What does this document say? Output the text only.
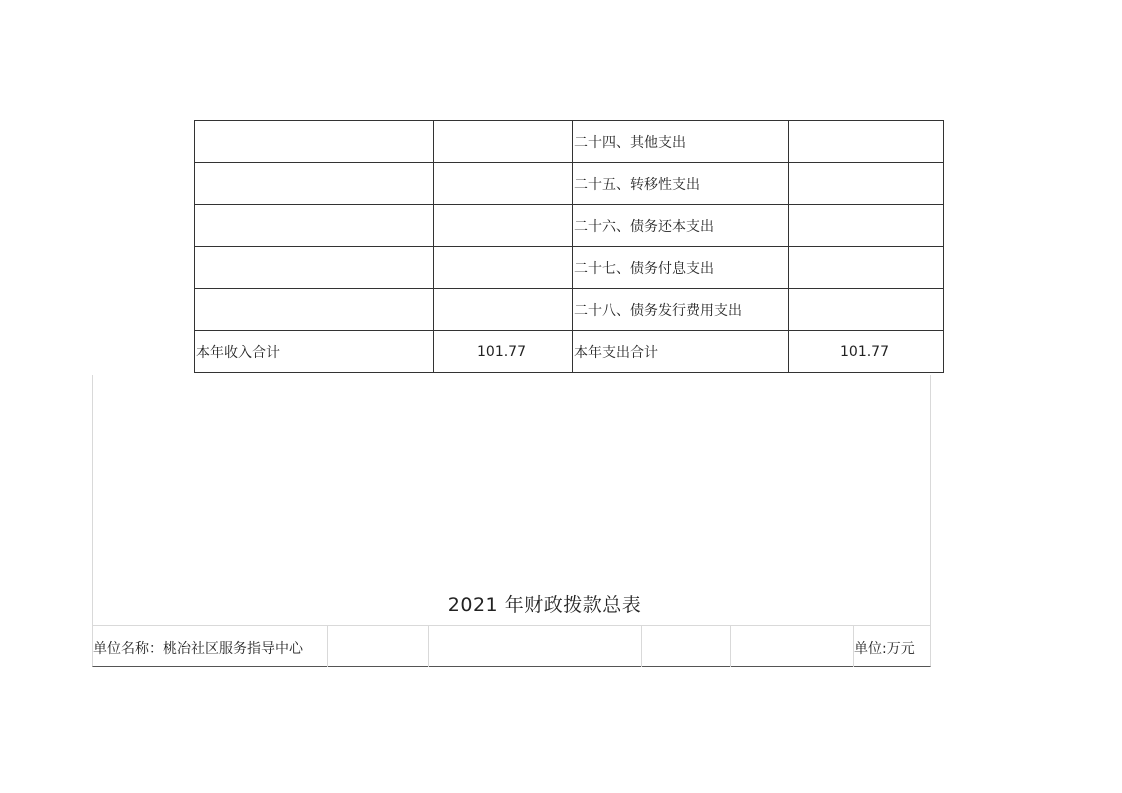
		二十四、其他支出	
		二十五、转移性支出	
		二十六、债务还本支出	
		二十七、债务付息支出	
		二十八、债务发行费用支出	
本年收入合计	101.77	本年支出合计	101.77
2021 年财政拨款总表
单位名称：桃冶社区服务指导中心	单位:万元
